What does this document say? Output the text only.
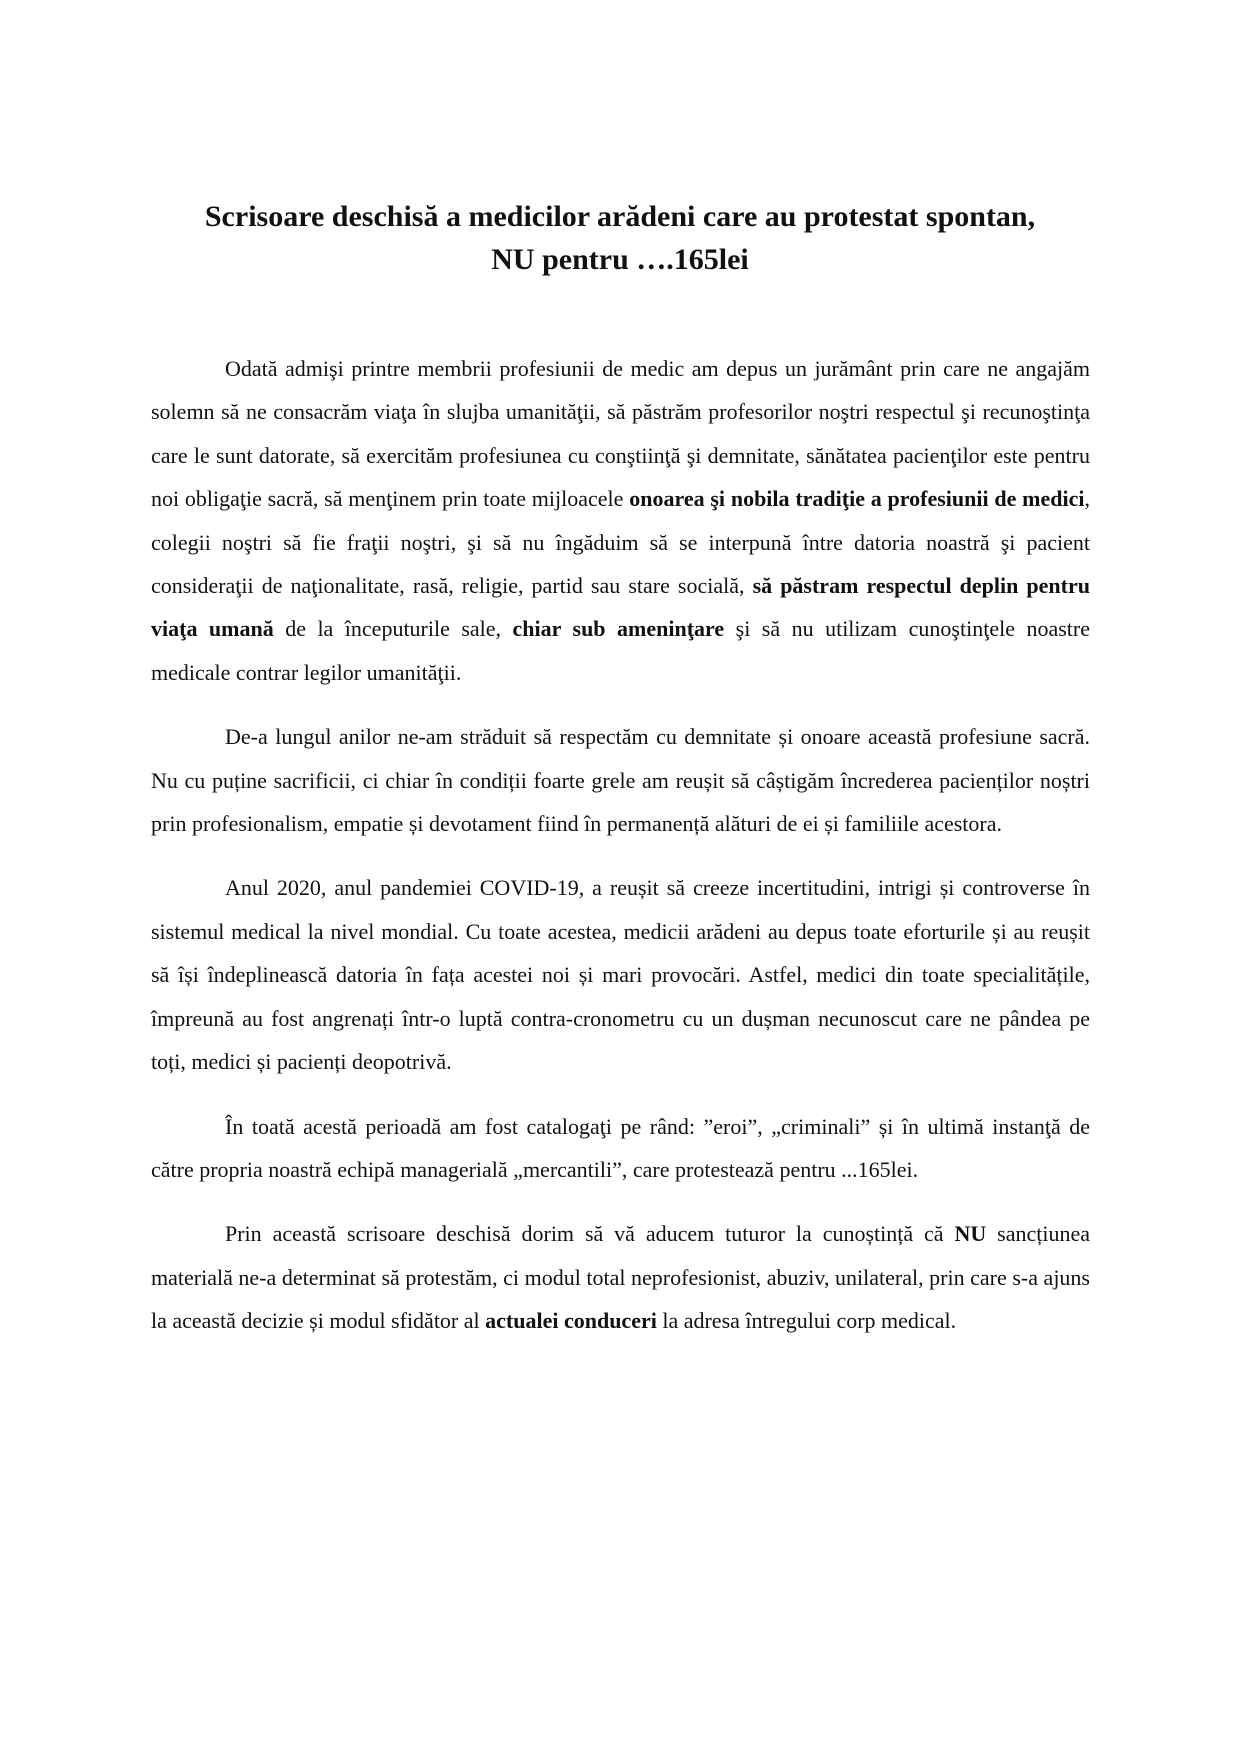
Scrisoare deschisă a medicilor arădeni care au protestat spontan,
NU pentru ….165lei

Odată admişi printre membrii profesiunii de medic am depus un jurământ prin care ne angajăm solemn să ne consacrăm viaţa în slujba umanităţii, să păstrăm profesorilor noştri respectul şi recunoştinţa care le sunt datorate, să exercităm profesiunea cu conştiinţă şi demnitate, sănătatea pacienţilor este pentru noi obligaţie sacră, să menţinem prin toate mijloacele onoarea şi nobila tradiţie a profesiunii de medici, colegii noştri să fie fraţii noştri, şi să nu îngăduim să se interpună între datoria noastră şi pacient consideraţii de naţionalitate, rasă, religie, partid sau stare socială, să păstram respectul deplin pentru viaţa umană de la începuturile sale, chiar sub ameninţare şi să nu utilizam cunoştinţele noastre medicale contrar legilor umanităţii.

De-a lungul anilor ne-am străduit să respectăm cu demnitate și onoare această profesiune sacră. Nu cu puține sacrificii, ci chiar în condiții foarte grele am reușit să câștigăm încrederea pacienților noștri prin profesionalism, empatie și devotament fiind în permanență alături de ei și familiile acestora.

Anul 2020, anul pandemiei COVID-19, a reușit să creeze incertitudini, intrigi și controverse în sistemul medical la nivel mondial. Cu toate acestea, medicii arădeni au depus toate eforturile și au reușit să își îndeplinească datoria în fața acestei noi și mari provocări. Astfel, medici din toate specialitățile, împreună au fost angrenați într-o luptă contra-cronometru cu un dușman necunoscut care ne pândea pe toți, medici și pacienți deopotrivă.

În toată acestă perioadă am fost catalogaţi pe rând: ”eroi”, „criminali” și în ultimă instanţă de către propria noastră echipă managerială „mercantili”, care protestează pentru ...165lei.

Prin această scrisoare deschisă dorim să vă aducem tuturor la cunoștință că NU sancțiunea materială ne-a determinat să protestăm, ci modul total neprofesionist, abuziv, unilateral, prin care s-a ajuns la această decizie și modul sfidător al actualei conduceri la adresa întregului corp medical.
